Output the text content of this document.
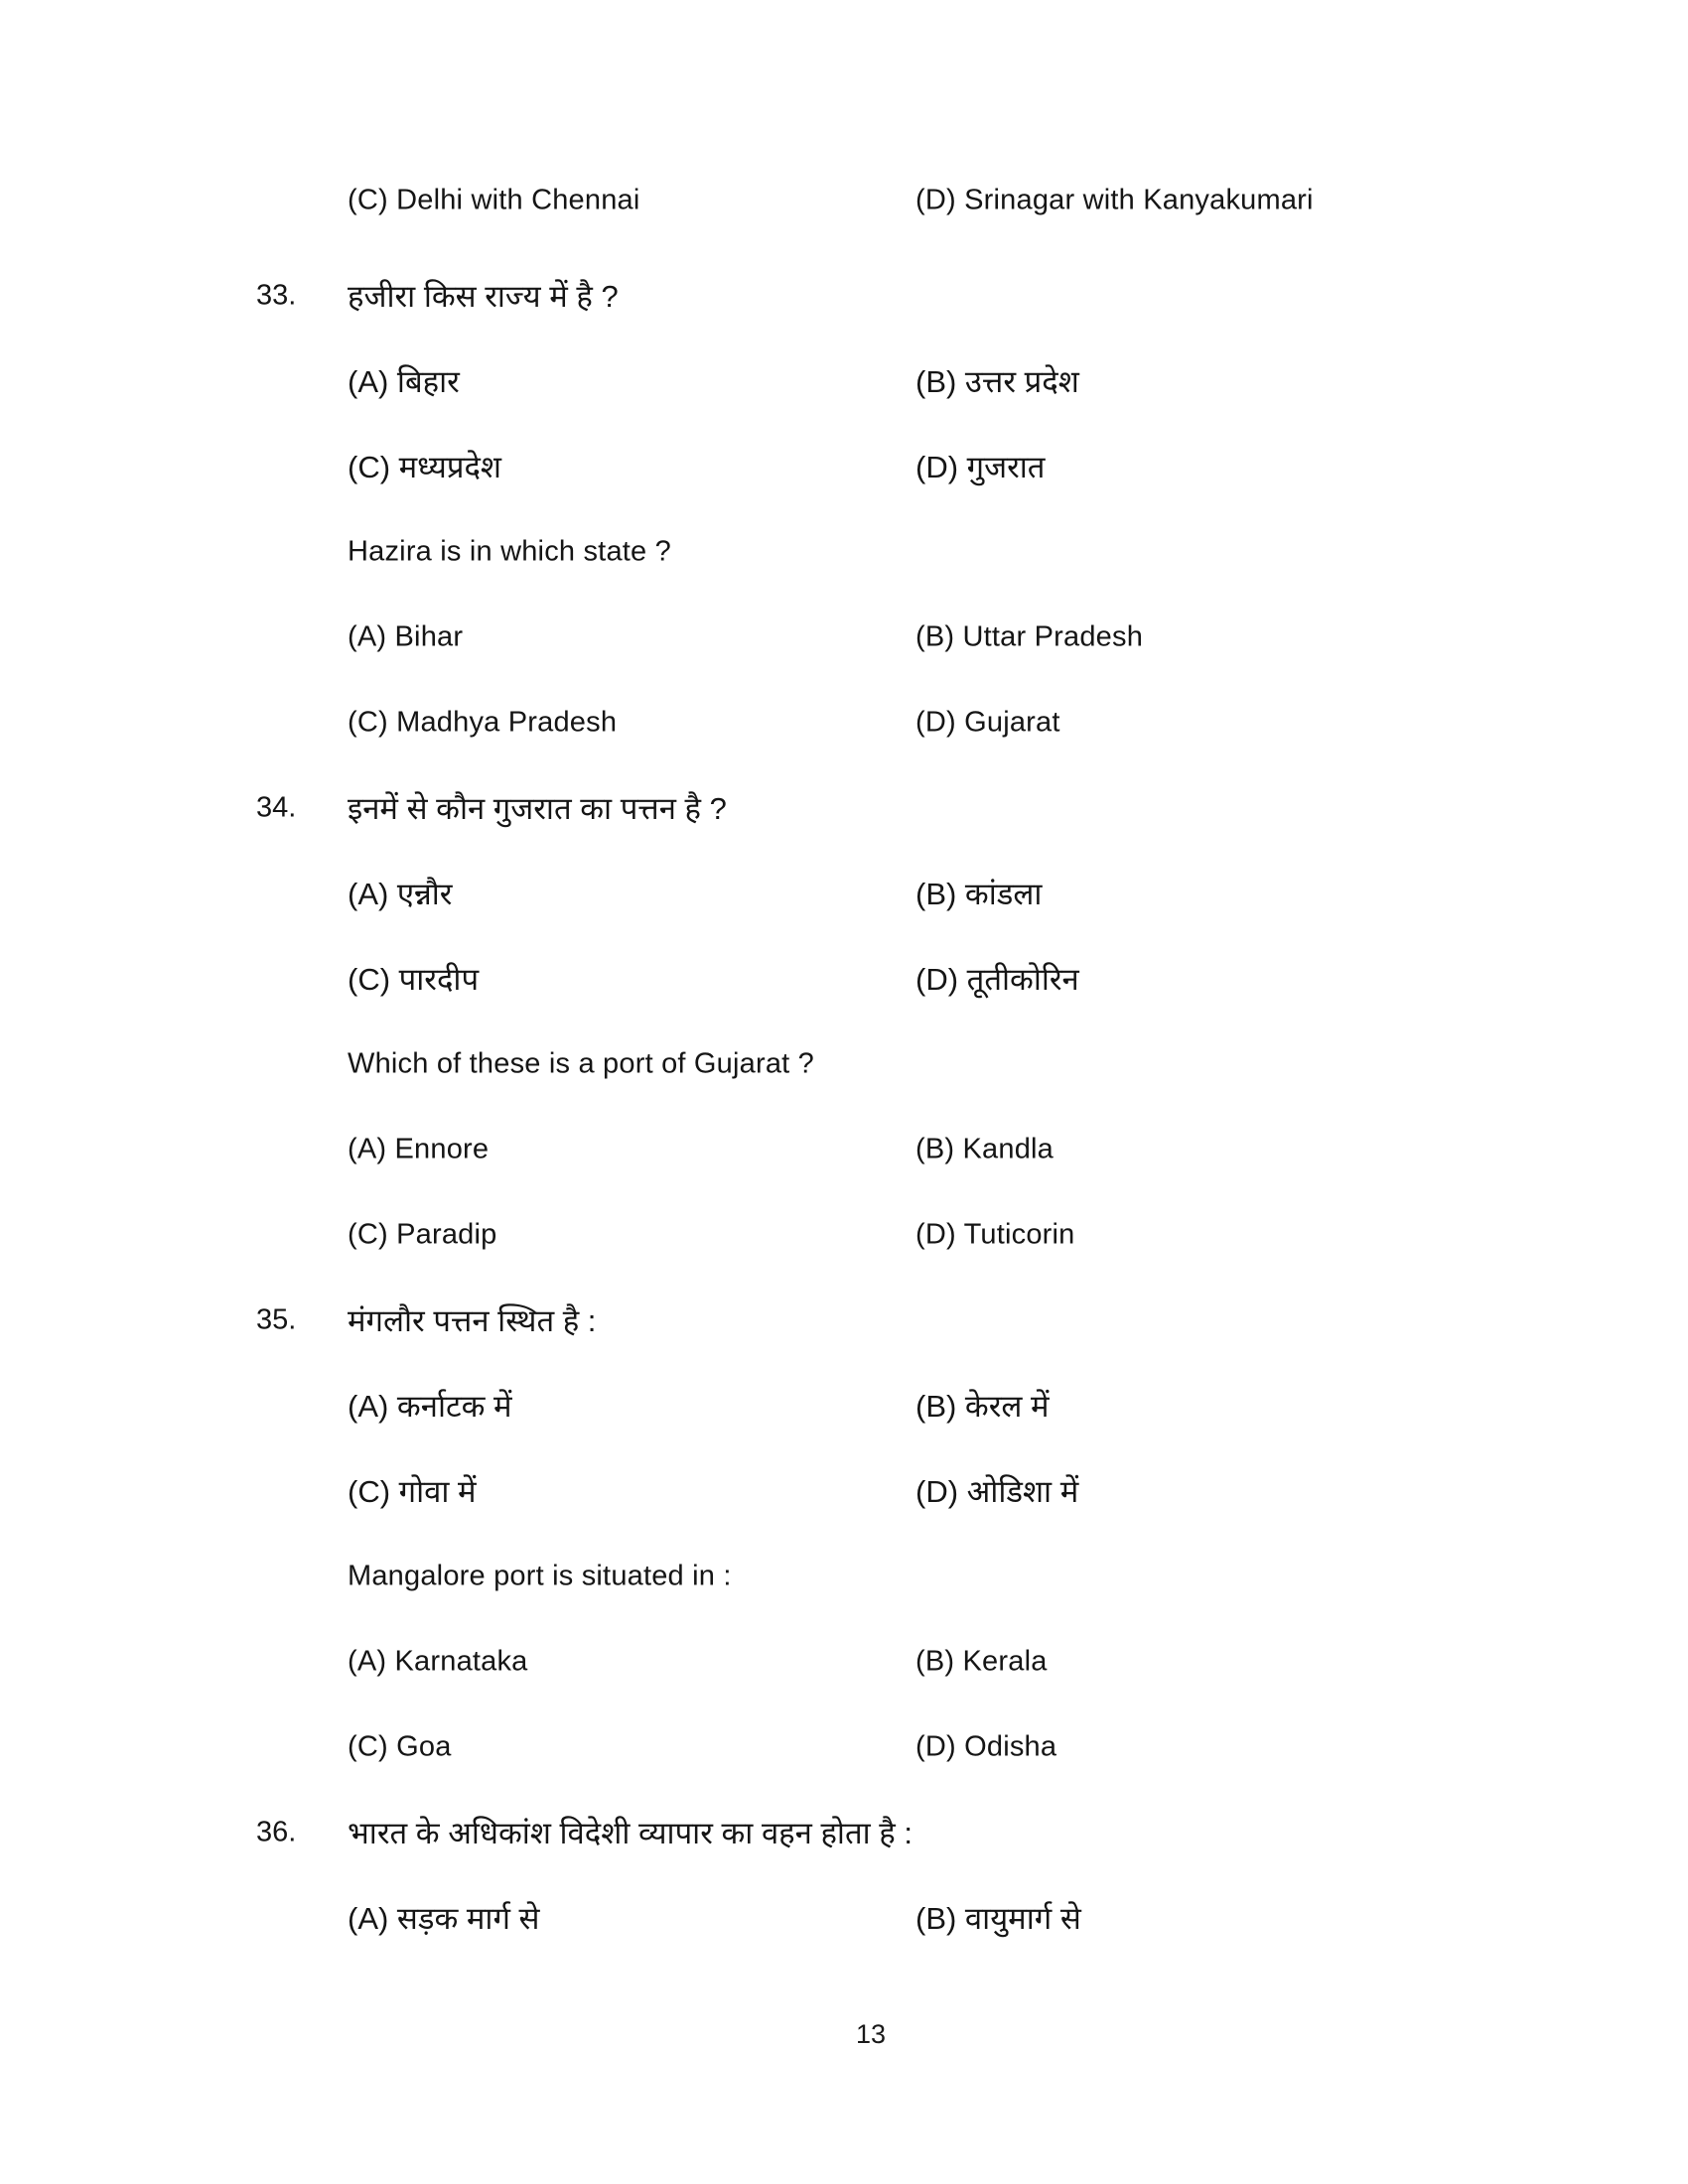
(C) Delhi with Chennai	(D) Srinagar with Kanyakumari
33. हजीरा किस राज्य में है ?
(A) बिहार	(B) उत्तर प्रदेश
(C) मध्यप्रदेश	(D) गुजरात
Hazira is in which state ?
(A) Bihar	(B) Uttar Pradesh
(C) Madhya Pradesh	(D) Gujarat
34. इनमें से कौन गुजरात का पत्तन है ?
(A) एन्नौर	(B) कांडला
(C) पारदीप	(D) तूतीकोरिन
Which of these is a port of Gujarat ?
(A) Ennore	(B) Kandla
(C) Paradip	(D) Tuticorin
35. मंगलौर पत्तन स्थित है :
(A) कर्नाटक में	(B) केरल में
(C) गोवा में	(D) ओडिशा में
Mangalore port is situated in :
(A) Karnataka	(B) Kerala
(C) Goa	(D) Odisha
36. भारत के अधिकांश विदेशी व्यापार का वहन होता है :
(A) सड़क मार्ग से	(B) वायुमार्ग से
13
